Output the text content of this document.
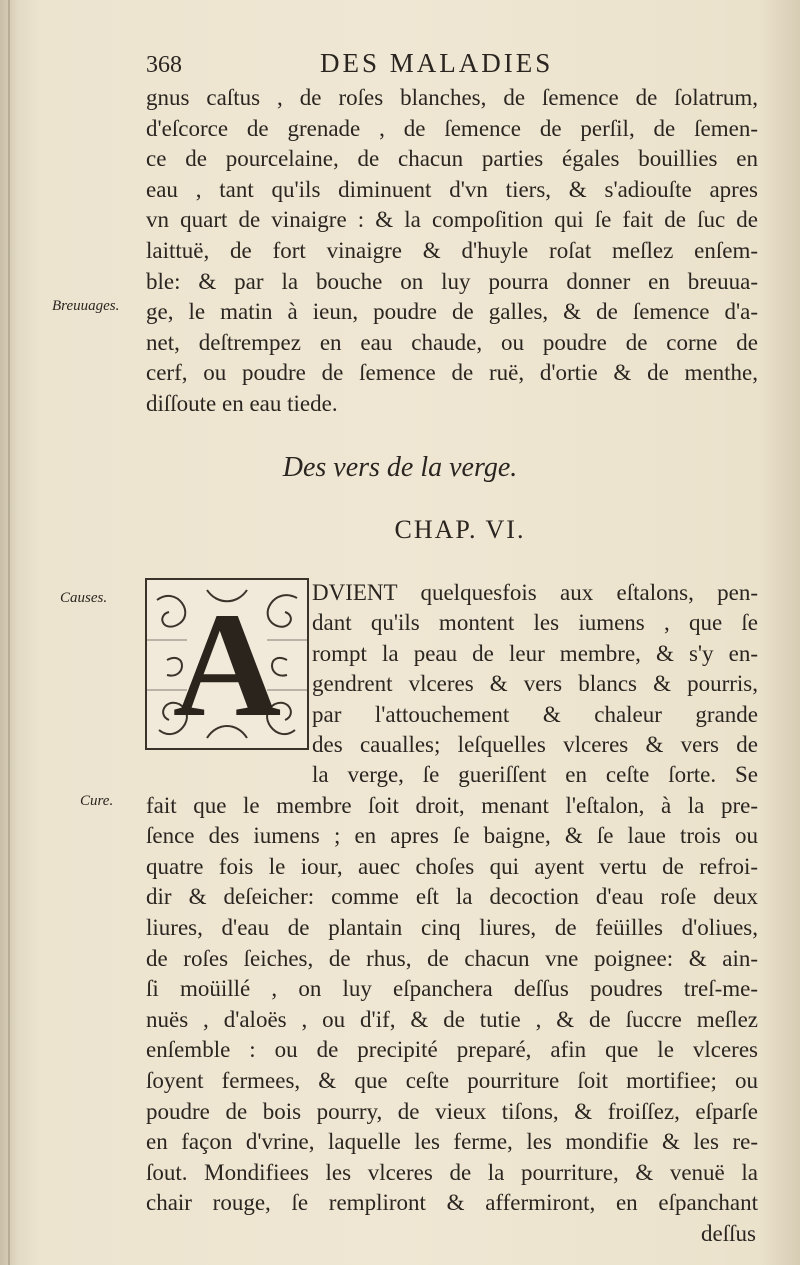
368	DES MALADIES
gnus caſtus , de roſes blanches, de ſemence de ſolatrum,
d'eſcorce de grenade , de ſemence de perſil, de ſemen-
ce de pourcelaine, de chacun parties égales bouillies en
eau , tant qu'ils diminuent d'vn tiers, & s'adiouſte apres
vn quart de vinaigre : & la compoſition qui ſe fait de ſuc de
laittuë, de fort vinaigre & d'huyle roſat meſlez enſem-
ble: & par la bouche on luy pourra donner en breuua-
ge, le matin à ieun, poudre de galles, & de ſemence d'a-
net, deſtrempez en eau chaude, ou poudre de corne de
cerf, ou poudre de ſemence de ruë, d'ortie & de menthe,
diſſoute en eau tiede.
Breuuages.
Des vers de la verge.
CHAP. VI.
Causes. A	DVIENT quelquesfois aux eſtalons, pen-
dant qu'ils montent les iumens , que ſe
rompt la peau de leur membre, & s'y en-
gendrent vlceres & vers blancs & pourris,
par l'attouchement & chaleur grande
des caualles; leſquelles vlceres & vers de
la verge, ſe gueriſſent en ceſte ſorte. Se
fait que le membre ſoit droit, menant l'eſtalon, à la pre-
ſence des iumens ; en apres ſe baigne, & ſe laue trois ou
quatre fois le iour, auec choſes qui ayent vertu de refroi-
dir & deſeicher: comme eſt la decoction d'eau roſe deux
liures, d'eau de plantain cinq liures, de feüilles d'oliues,
de roſes ſeiches, de rhus, de chacun vne poignee: & ain-
ſi moüillé , on luy eſpanchera deſſus poudres treſ-me-
nuës , d'aloës , ou d'if, & de tutie , & de ſuccre meſlez
enſemble : ou de precipité preparé, afin que le vlceres
ſoyent fermees, & que ceſte pourriture ſoit mortifiee; ou
poudre de bois pourry, de vieux tiſons, & froiſſez, eſparſe
en façon d'vrine, laquelle les ferme, les mondifie & les re-
ſout. Mondifiees les vlceres de la pourriture, & venuë la
chair rouge, ſe rempliront & affermiront, en eſpanchant
deſſus
Cure.
